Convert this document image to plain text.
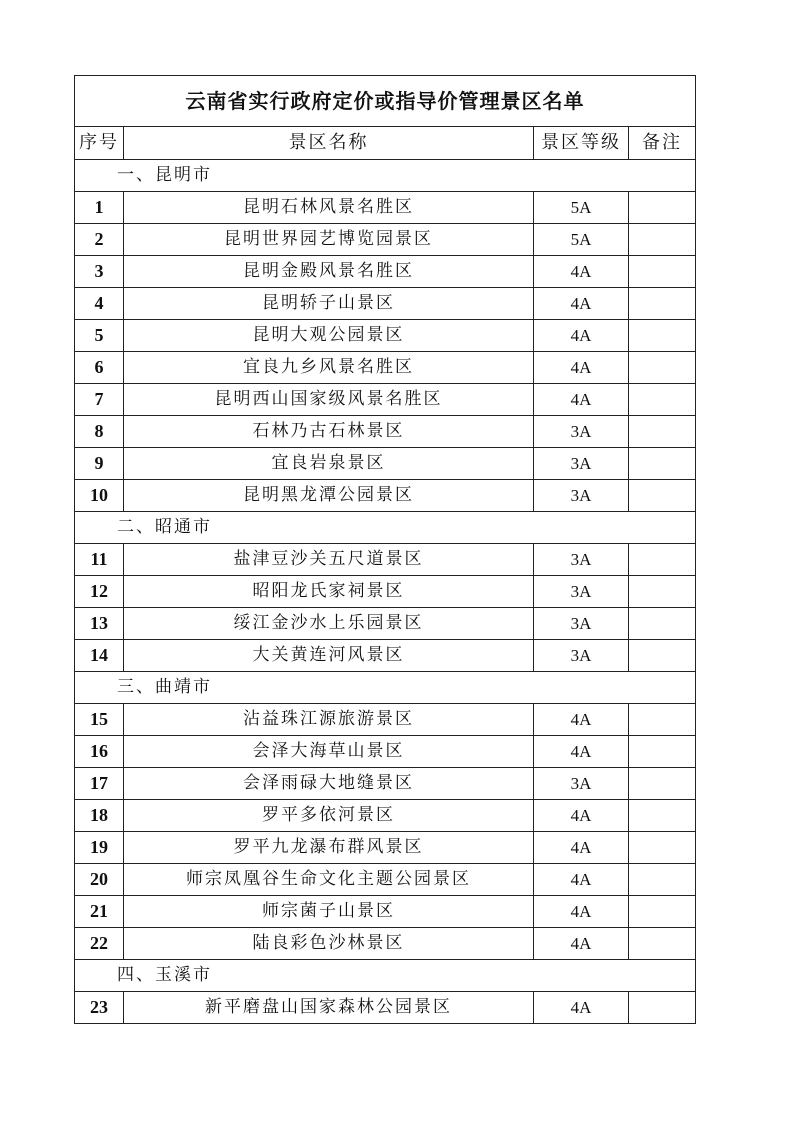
云南省实行政府定价或指导价管理景区名单			
序号	景区名称	景区等级	备注
一、昆明市			
1	昆明石林风景名胜区	5A	
2	昆明世界园艺博览园景区	5A	
3	昆明金殿风景名胜区	4A	
4	昆明轿子山景区	4A	
5	昆明大观公园景区	4A	
6	宜良九乡风景名胜区	4A	
7	昆明西山国家级风景名胜区	4A	
8	石林乃古石林景区	3A	
9	宜良岩泉景区	3A	
10	昆明黑龙潭公园景区	3A	
二、昭通市			
11	盐津豆沙关五尺道景区	3A	
12	昭阳龙氏家祠景区	3A	
13	绥江金沙水上乐园景区	3A	
14	大关黄连河风景区	3A	
三、曲靖市			
15	沾益珠江源旅游景区	4A	
16	会泽大海草山景区	4A	
17	会泽雨碌大地缝景区	3A	
18	罗平多依河景区	4A	
19	罗平九龙瀑布群风景区	4A	
20	师宗凤凰谷生命文化主题公园景区	4A	
21	师宗菌子山景区	4A	
22	陆良彩色沙林景区	4A	
四、玉溪市			
23	新平磨盘山国家森林公园景区	4A	
